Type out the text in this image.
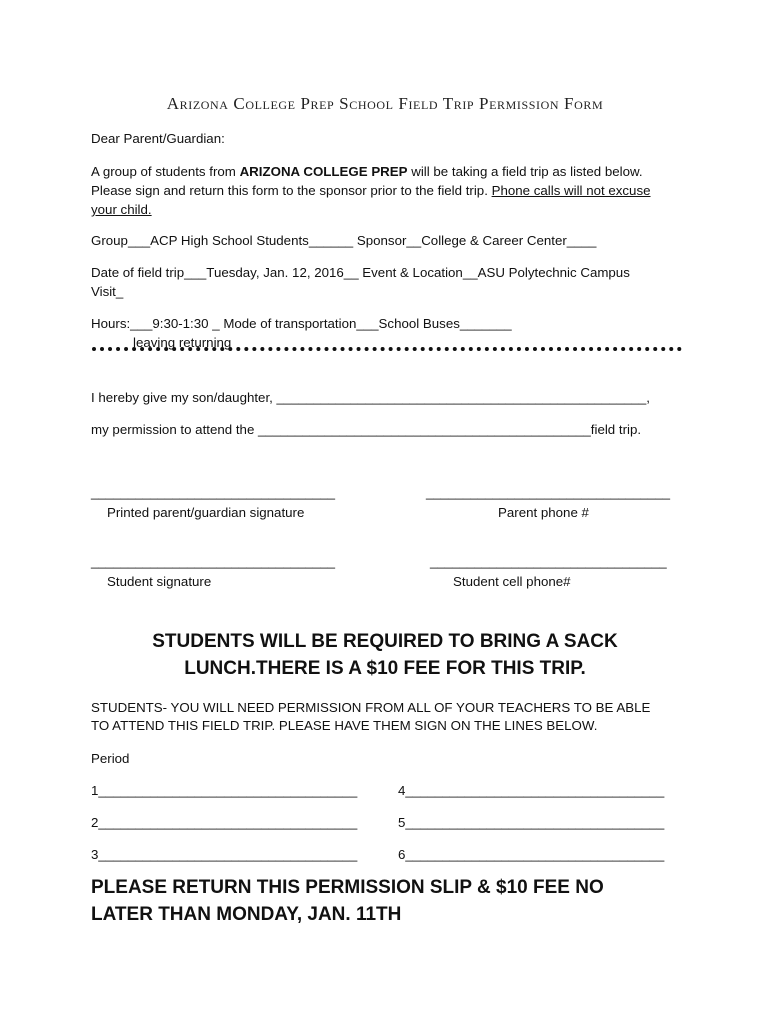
Arizona College Prep School Field Trip Permission Form
Dear Parent/Guardian:
A group of students from ARIZONA COLLEGE PREP will be taking a field trip as listed below.
Please sign and return this form to the sponsor prior to the field trip. Phone calls will not excuse
your child.
Group___ACP High School Students______ Sponsor__College & Career Center____
Date of field trip___Tuesday, Jan. 12, 2016__ Event & Location__ASU Polytechnic Campus
Visit_
Hours:___9:30-1:30 _ Mode of transportation___School Buses_______
leaving returning
I hereby give my son/daughter, __________________________________________________,
my permission to attend the _____________________________________________field trip.
_________________________________
Printed parent/guardian signature
_________________________________
Parent phone #
_________________________________
Student signature
________________________________
Student cell phone#
STUDENTS WILL BE REQUIRED TO BRING A SACK
LUNCH.THERE IS A $10 FEE FOR THIS TRIP.
STUDENTS- YOU WILL NEED PERMISSION FROM ALL OF YOUR TEACHERS TO BE ABLE
TO ATTEND THIS FIELD TRIP. PLEASE HAVE THEM SIGN ON THE LINES BELOW.
Period
1___________________________________
2___________________________________
3___________________________________
4___________________________________
5___________________________________
6___________________________________
PLEASE RETURN THIS PERMISSION SLIP & $10 FEE NO
LATER THAN MONDAY, JAN. 11TH
